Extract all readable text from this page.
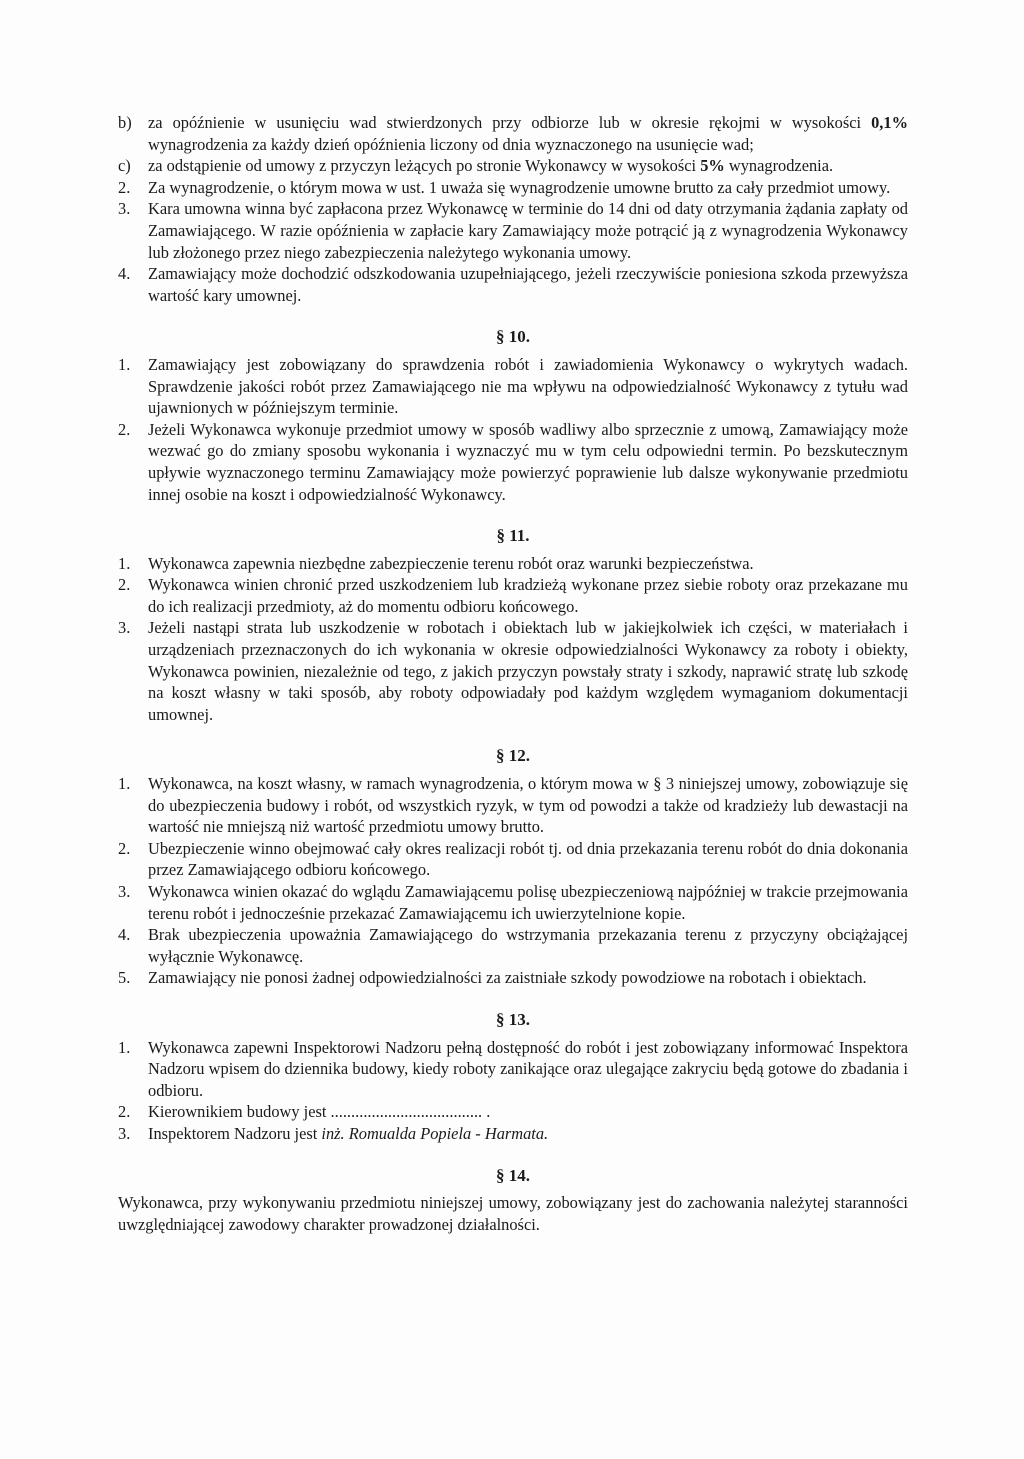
b) za opóźnienie w usunięciu wad stwierdzonych przy odbiorze lub w okresie rękojmi w wysokości 0,1% wynagrodzenia za każdy dzień opóźnienia liczony od dnia wyznaczonego na usunięcie wad;
c) za odstąpienie od umowy z przyczyn leżących po stronie Wykonawcy w wysokości 5% wynagrodzenia.
2. Za wynagrodzenie, o którym mowa w ust. 1 uważa się wynagrodzenie umowne brutto za cały przedmiot umowy.
3. Kara umowna winna być zapłacona przez Wykonawcę w terminie do 14 dni od daty otrzymania żądania zapłaty od Zamawiającego. W razie opóźnienia w zapłacie kary Zamawiający może potrącić ją z wynagrodzenia Wykonawcy lub złożonego przez niego zabezpieczenia należytego wykonania umowy.
4. Zamawiający może dochodzić odszkodowania uzupełniającego, jeżeli rzeczywiście poniesiona szkoda przewyższa wartość kary umownej.
§ 10.
1. Zamawiający jest zobowiązany do sprawdzenia robót i zawiadomienia Wykonawcy o wykrytych wadach. Sprawdzenie jakości robót przez Zamawiającego nie ma wpływu na odpowiedzialność Wykonawcy z tytułu wad ujawnionych w późniejszym terminie.
2. Jeżeli Wykonawca wykonuje przedmiot umowy w sposób wadliwy albo sprzecznie z umową, Zamawiający może wezwać go do zmiany sposobu wykonania i wyznaczyć mu w tym celu odpowiedni termin. Po bezskutecznym upływie wyznaczonego terminu Zamawiający może powierzyć poprawienie lub dalsze wykonywanie przedmiotu innej osobie na koszt i odpowiedzialność Wykonawcy.
§ 11.
1. Wykonawca zapewnia niezbędne zabezpieczenie terenu robót oraz warunki bezpieczeństwa.
2. Wykonawca winien chronić przed uszkodzeniem lub kradzieżą wykonane przez siebie roboty oraz przekazane mu do ich realizacji przedmioty, aż do momentu odbioru końcowego.
3. Jeżeli nastąpi strata lub uszkodzenie w robotach i obiektach lub w jakiejkolwiek ich części, w materiałach i urządzeniach przeznaczonych do ich wykonania w okresie odpowiedzialności Wykonawcy za roboty i obiekty, Wykonawca powinien, niezależnie od tego, z jakich przyczyn powstały straty i szkody, naprawić stratę lub szkodę na koszt własny w taki sposób, aby roboty odpowiadały pod każdym względem wymaganiom dokumentacji umownej.
§ 12.
1. Wykonawca, na koszt własny, w ramach wynagrodzenia, o którym mowa w § 3 niniejszej umowy, zobowiązuje się do ubezpieczenia budowy i robót, od wszystkich ryzyk, w tym od powodzi a także od kradzieży lub dewastacji na wartość nie mniejszą niż wartość przedmiotu umowy brutto.
2. Ubezpieczenie winno obejmować cały okres realizacji robót tj. od dnia przekazania terenu robót do dnia dokonania przez Zamawiającego odbioru końcowego.
3. Wykonawca winien okazać do wglądu Zamawiającemu polisę ubezpieczeniową najpóźniej w trakcie przejmowania terenu robót i jednocześnie przekazać Zamawiającemu ich uwierzytelnione kopie.
4. Brak ubezpieczenia upoważnia Zamawiającego do wstrzymania przekazania terenu z przyczyny obciążającej wyłącznie Wykonawcę.
5. Zamawiający nie ponosi żadnej odpowiedzialności za zaistniałe szkody powodziowe na robotach i obiektach.
§ 13.
1. Wykonawca zapewni Inspektorowi Nadzoru pełną dostępność do robót i jest zobowiązany informować Inspektora Nadzoru wpisem do dziennika budowy, kiedy roboty zanikające oraz ulegające zakryciu będą gotowe do zbadania i odbioru.
2. Kierownikiem budowy jest ..................................... .
3. Inspektorem Nadzoru jest inż. Romualda Popiela - Harmata.
§ 14.
Wykonawca, przy wykonywaniu przedmiotu niniejszej umowy, zobowiązany jest do zachowania należytej staranności uwzględniającej zawodowy charakter prowadzonej działalności.
